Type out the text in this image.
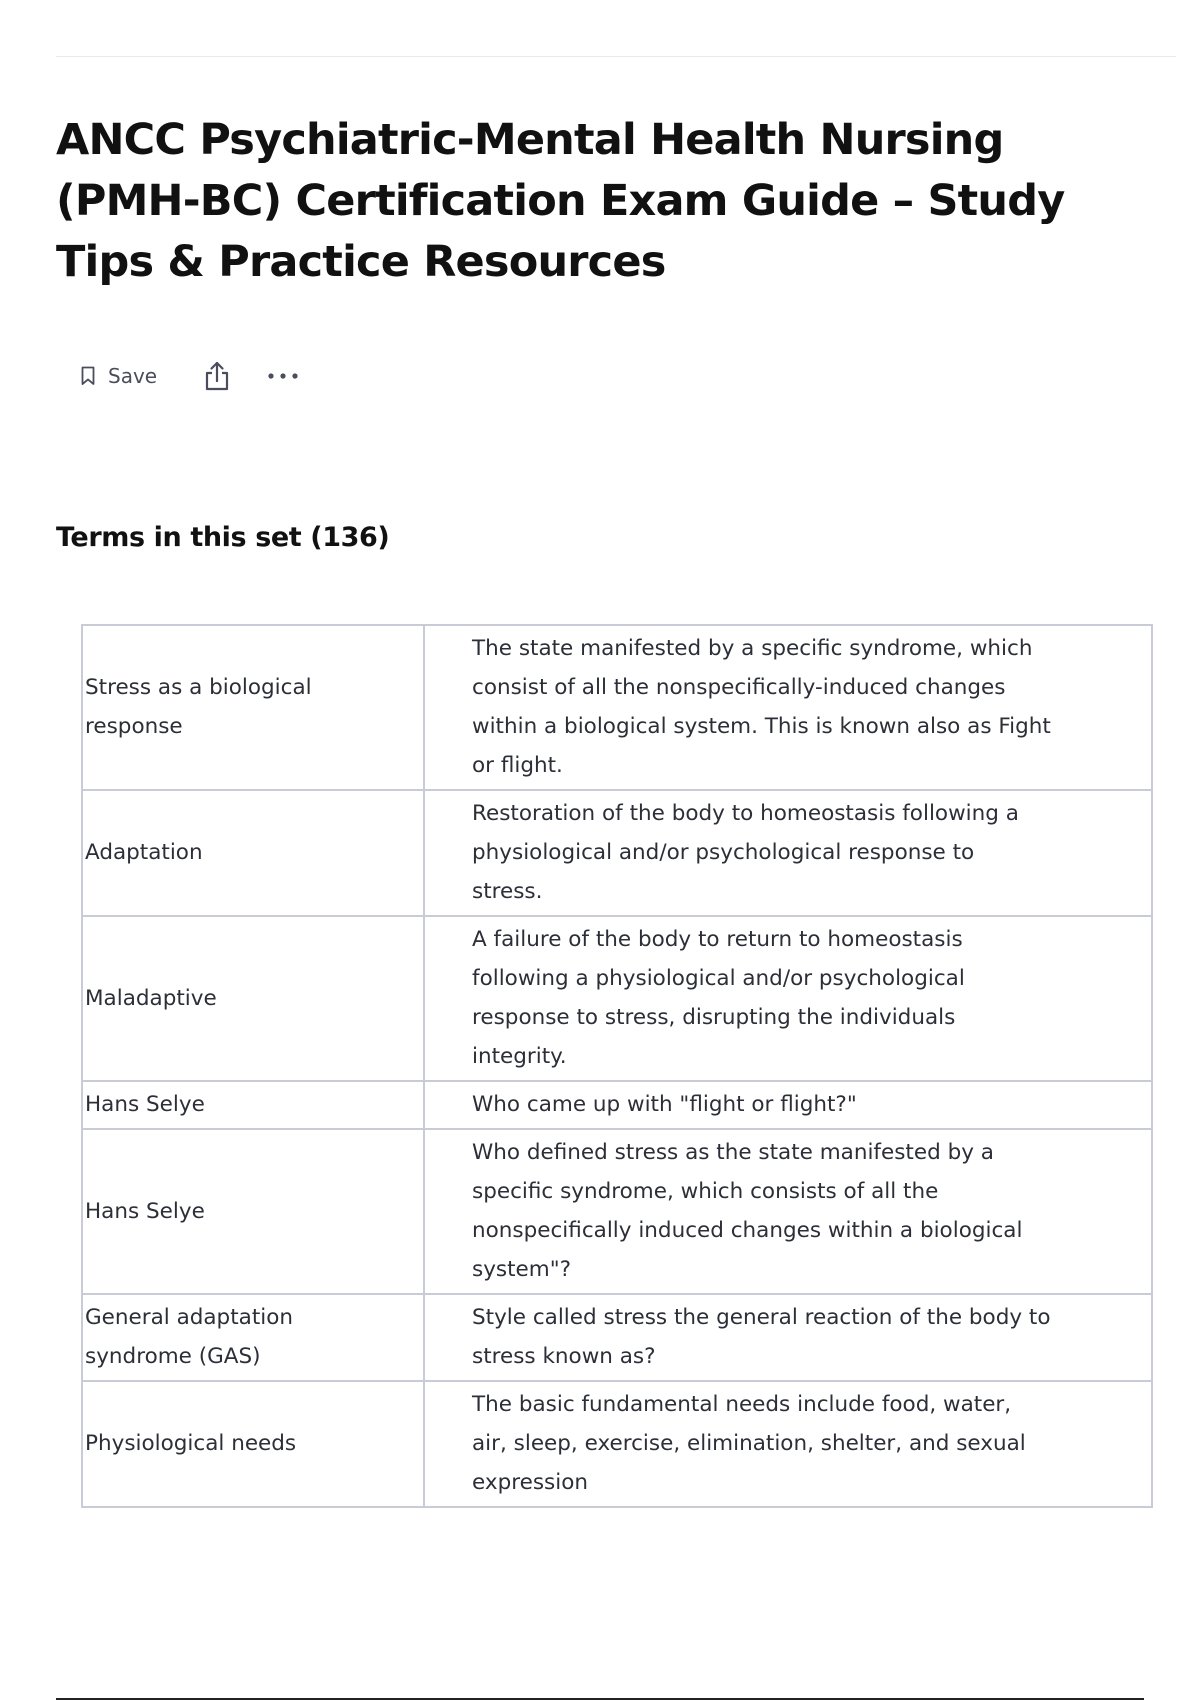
ANCC Psychiatric-Mental Health Nursing (PMH-BC) Certification Exam Guide – Study Tips & Practice Resources
Save
Terms in this set (136)
Stress as a biological response	The state manifested by a specific syndrome, which consist of all the nonspecifically-induced changes within a biological system. This is known also as Fight or flight.
Adaptation	Restoration of the body to homeostasis following a physiological and/or psychological response to stress.
Maladaptive	A failure of the body to return to homeostasis following a physiological and/or psychological response to stress, disrupting the individuals integrity.
Hans Selye	Who came up with "flight or flight?"
Hans Selye	Who defined stress as the state manifested by a specific syndrome, which consists of all the nonspecifically induced changes within a biological system"?
General adaptation syndrome (GAS)	Style called stress the general reaction of the body to stress known as?
Physiological needs	The basic fundamental needs include food, water, air, sleep, exercise, elimination, shelter, and sexual expression
